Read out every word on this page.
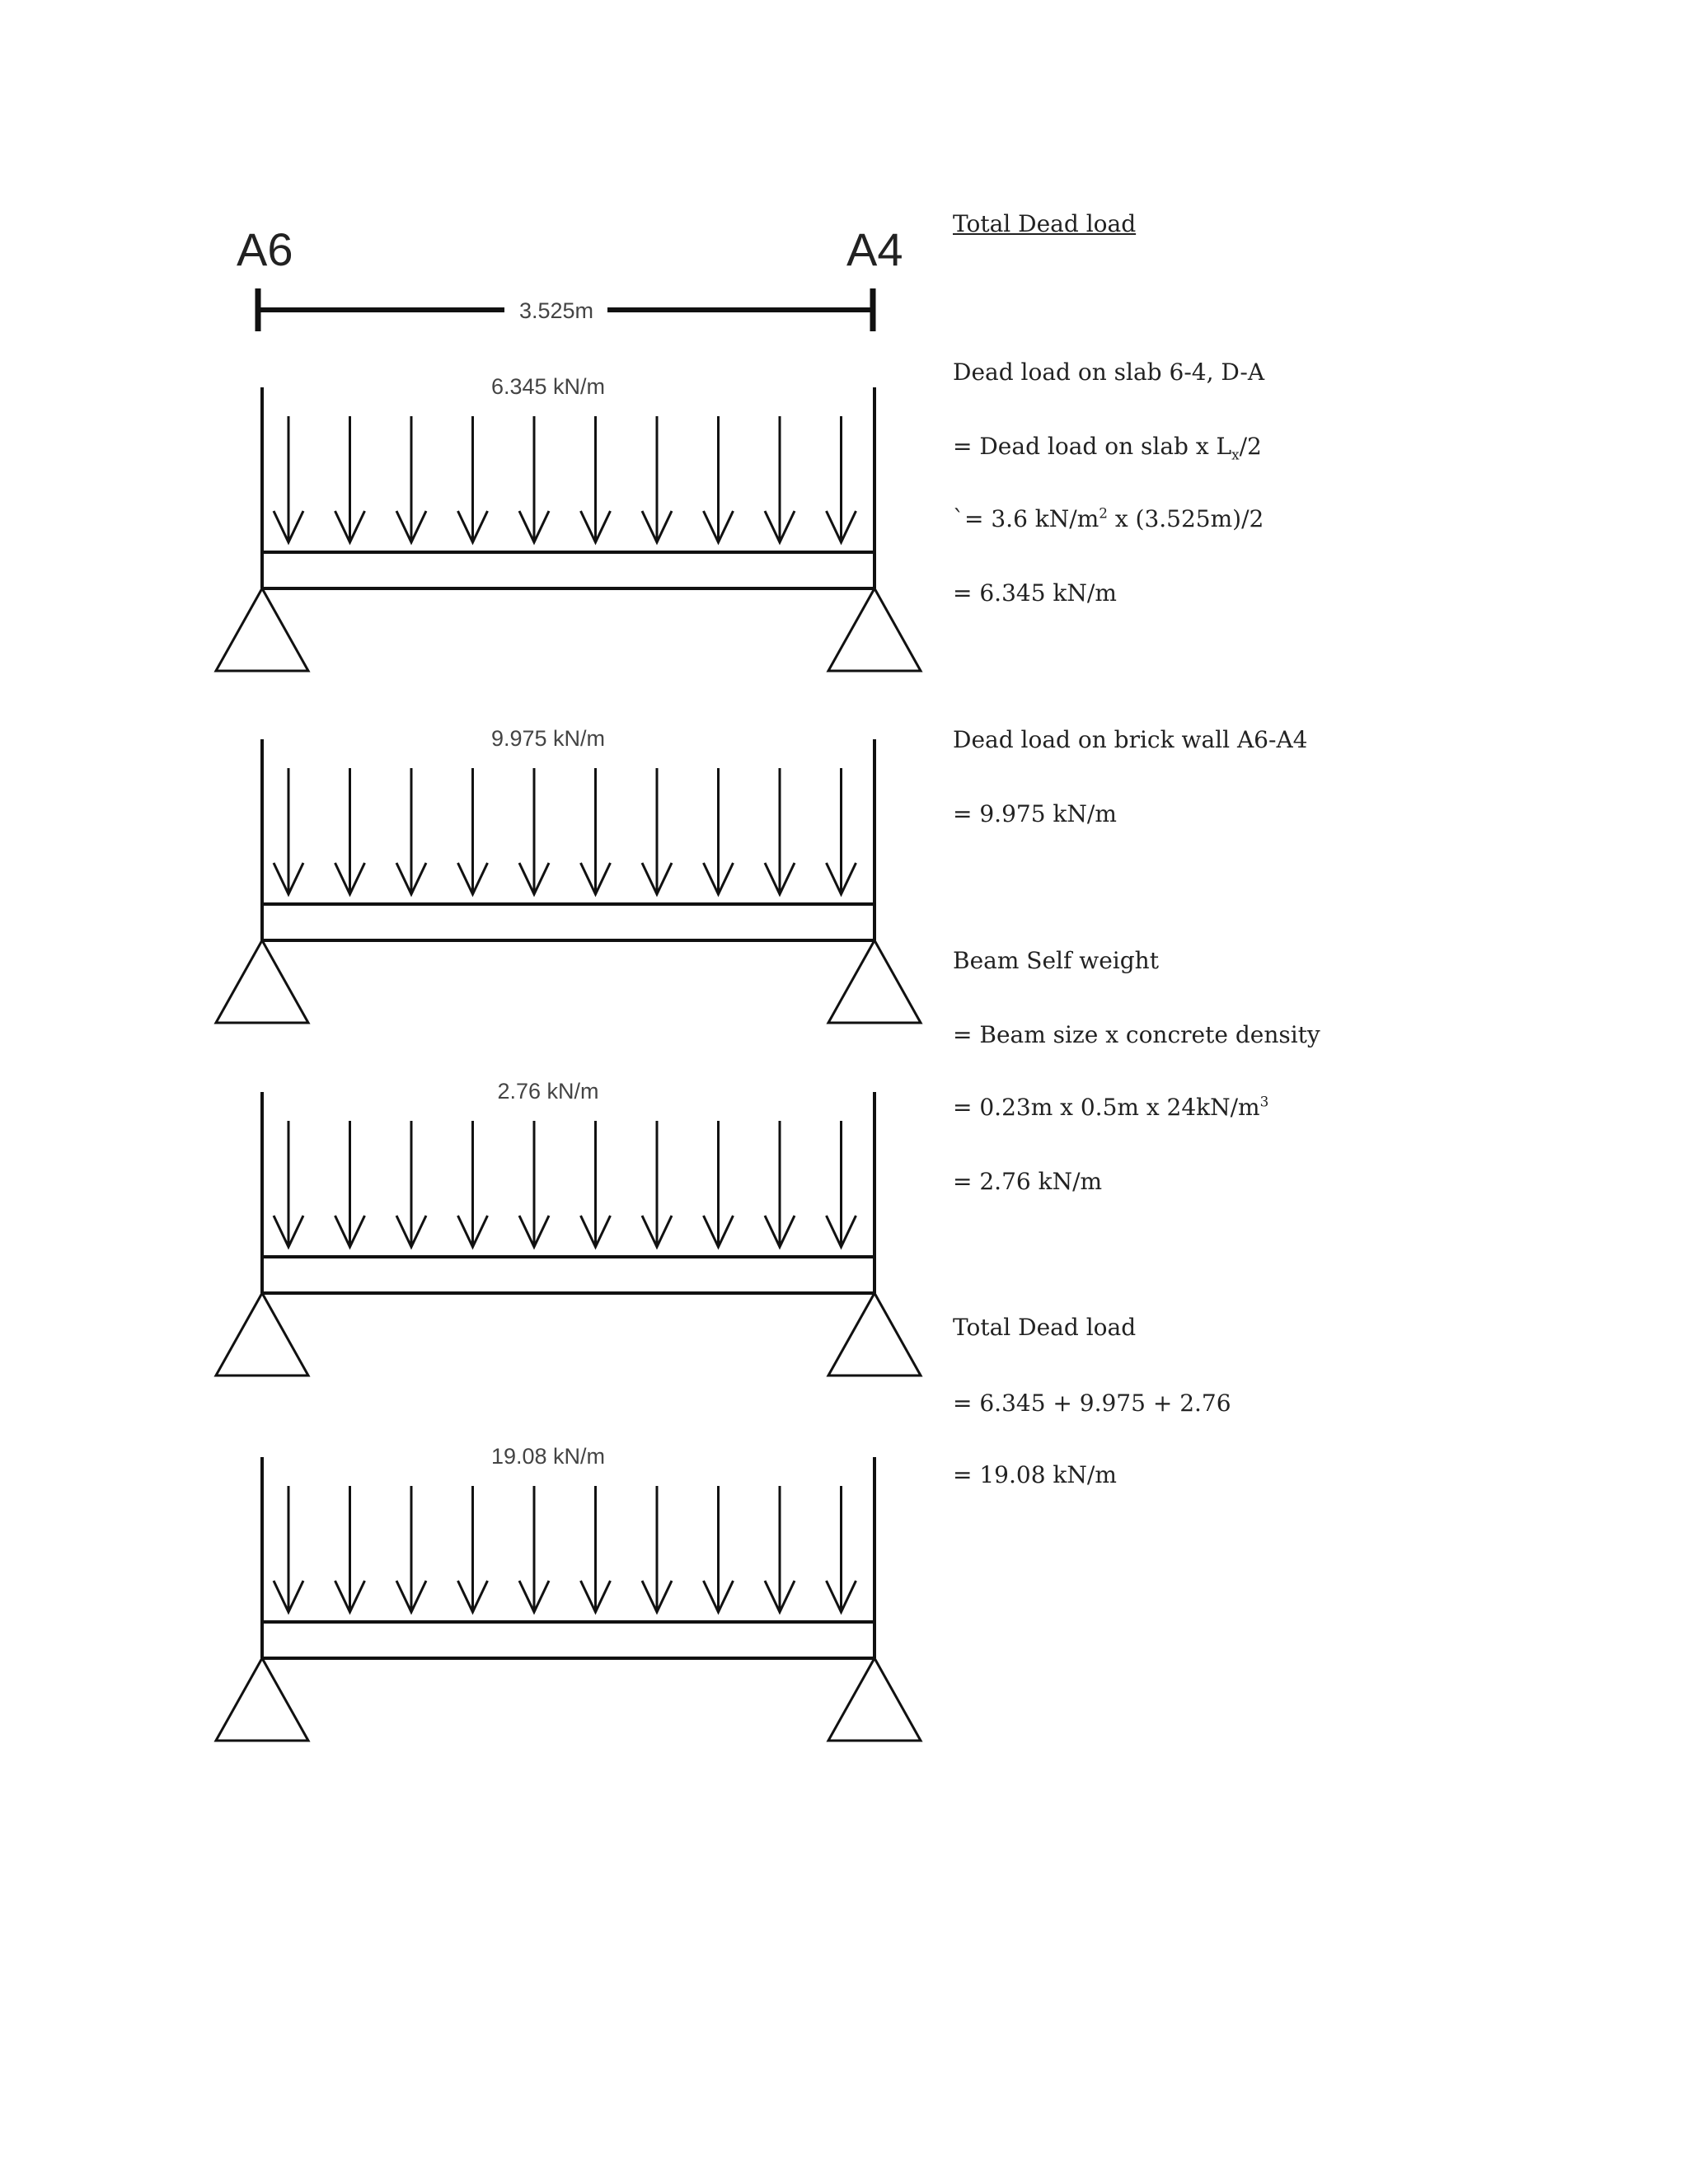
A6	A4
3.525m
6.345 kN/m
9.975 kN/m
2.76 kN/m
19.08 kN/m

Total Dead load

Dead load on slab 6-4, D-A

= Dead load on slab x $L_x/2$

`= 3.6 $kN/m^2$ x (3.525m)/2

= 6.345 kN/m

Dead load on brick wall A6-A4

= 9.975 kN/m

Beam Self weight

= Beam size x concrete density

= 0.23m x 0.5m x $24kN/m^3$

= 2.76 kN/m

Total Dead load

= 6.345 + 9.975 + 2.76

= 19.08 kN/m
